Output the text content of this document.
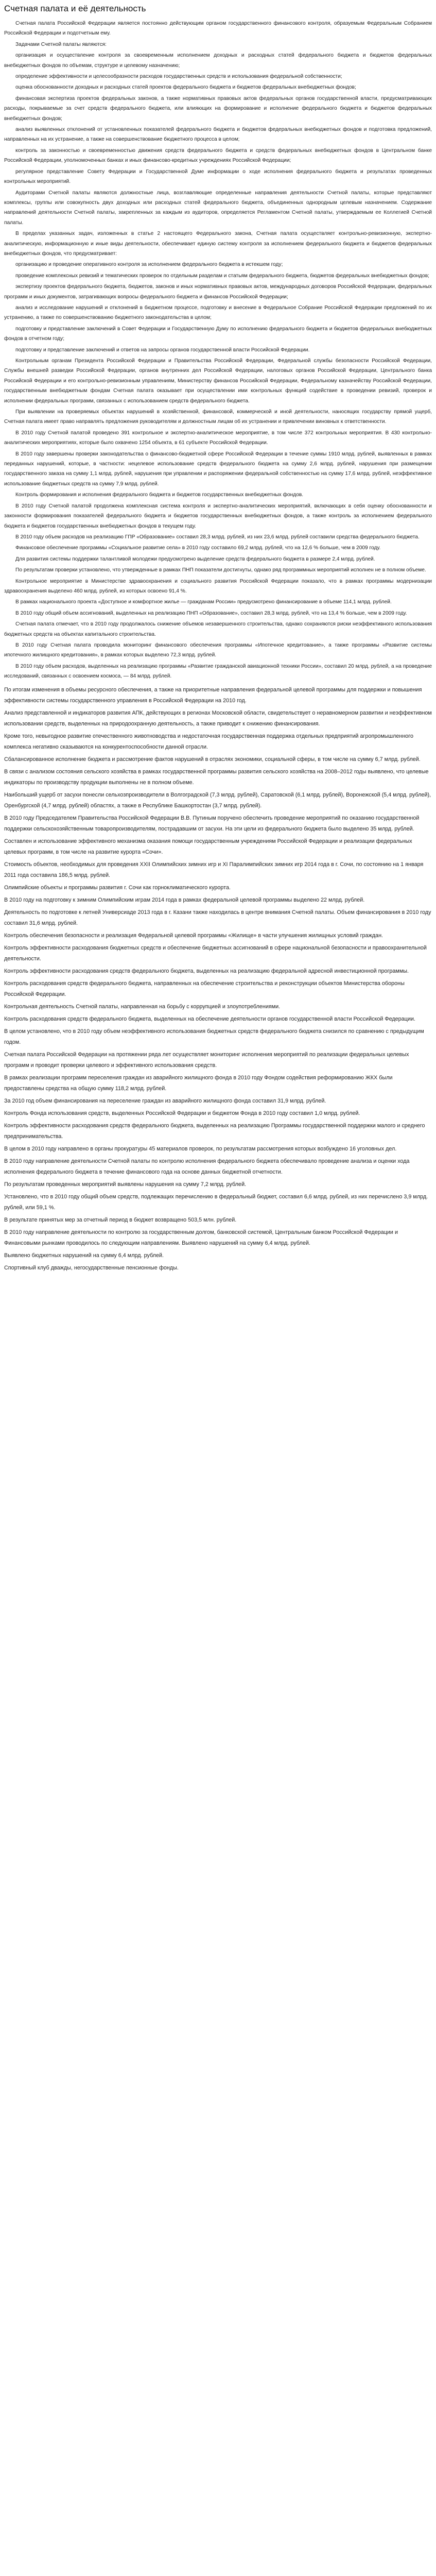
Счетная палата и её деятельность

Счетная палата Российской Федерации является постоянно действующим органом государственного финансового контроля, образуемым Федеральным Собранием Российской Федерации и подотчетным ему.

Задачами Счетной палаты являются:

организация и осуществление контроля за своевременным исполнением доходных и расходных статей федерального бюджета и бюджетов федеральных внебюджетных фондов по объемам, структуре и целевому назначению;

определение эффективности и целесообразности расходов государственных средств и использования федеральной собственности;

оценка обоснованности доходных и расходных статей проектов федерального бюджета и бюджетов федеральных внебюджетных фондов;

финансовая экспертиза проектов федеральных законов, а также нормативных правовых актов федеральных органов государственной власти, предусматривающих расходы, покрываемые за счет средств федерального бюджета, или влияющих на формирование и исполнение федерального бюджета и бюджетов федеральных внебюджетных фондов;

анализ выявленных отклонений от установленных показателей федерального бюджета и бюджетов федеральных внебюджетных фондов и подготовка предложений, направленных на их устранение, а также на совершенствование бюджетного процесса в целом;

контроль за законностью и своевременностью движения средств федерального бюджета и средств федеральных внебюджетных фондов в Центральном банке Российской Федерации, уполномоченных банках и иных финансово-кредитных учреждениях Российской Федерации;

регулярное представление Совету Федерации и Государственной Думе информации о ходе исполнения федерального бюджета и результатах проведенных контрольных мероприятий.

Аудиторами Счетной палаты являются должностные лица, возглавляющие определенные направления деятельности Счетной палаты, которые представляют комплексы, группы или совокупность двух доходных или расходных статей федерального бюджета, объединенных однородным целевым назначением. Содержание направлений деятельности Счетной палаты, закрепленных за каждым из аудиторов, определяется Регламентом Счетной палаты, утверждаемым ее Коллегией Счетной палаты.

В пределах указанных задач, изложенных в статье 2 настоящего Федерального закона, Счетная палата осуществляет контрольно-ревизионную, экспертно-аналитическую, информационную и иные виды деятельности, обеспечивает единую систему контроля за исполнением федерального бюджета и бюджетов федеральных внебюджетных фондов, что предусматривает:

организацию и проведение оперативного контроля за исполнением федерального бюджета в истекшем году;

проведение комплексных ревизий и тематических проверок по отдельным разделам и статьям федерального бюджета, бюджетов федеральных внебюджетных фондов;

экспертизу проектов федерального бюджета, бюджетов, законов и иных нормативных правовых актов, международных договоров Российской Федерации, федеральных программ и иных документов, затрагивающих вопросы федерального бюджета и финансов Российской Федерации;

анализ и исследование нарушений и отклонений в бюджетном процессе, подготовку и внесение в Федеральное Собрание Российской Федерации предложений по их устранению, а также по совершенствованию бюджетного законодательства в целом;

подготовку и представление заключений в Совет Федерации и Государственную Думу по исполнению федерального бюджета и бюджетов федеральных внебюджетных фондов в отчетном году;

подготовку и представление заключений и ответов на запросы органов государственной власти Российской Федерации.

Контрольным органам Президента Российской Федерации и Правительства Российской Федерации, Федеральной службы безопасности Российской Федерации, Службы внешней разведки Российской Федерации, органов внутренних дел Российской Федерации, налоговых органов Российской Федерации, Центрального банка Российской Федерации и его контрольно-ревизионным управлениям, Министерству финансов Российской Федерации, Федеральному казначейству Российской Федерации, государственным внебюджетным фондам Счетная палата оказывает при осуществлении ими контрольных функций содействие в проведении ревизий, проверок и исполнении федеральных программ, связанных с использованием средств федерального бюджета.

При выявлении на проверяемых объектах нарушений в хозяйственной, финансовой, коммерческой и иной деятельности, наносящих государству прямой ущерб, Счетная палата имеет право направлять предложения руководителям и должностным лицам об их устранении и привлечении виновных к ответственности.

В 2010 году Счетной палатой проведено 391 контрольное и экспертно-аналитическое мероприятие, в том числе 372 контрольных мероприятия. В 430 контрольно-аналитических мероприятиях, которые было охвачено 1254 объекта, в 61 субъекте Российской Федерации.

В 2010 году завершены проверки законодательства о финансово-бюджетной сфере Российской Федерации в течение суммы 1910 млрд. рублей, выявленных в рамках переданных нарушений, которые, в частности: нецелевое использование средств федерального бюджета на сумму 2,6 млрд. рублей, нарушения при размещении государственного заказа на сумму 1,1 млрд. рублей, нарушения при управлении и распоряжении федеральной собственностью на сумму 17,6 млрд. рублей, неэффективное использование бюджетных средств на сумму 7,9 млрд. рублей.

Контроль формирования и исполнения федерального бюджета и бюджетов государственных внебюджетных фондов.

В 2010 году Счетной палатой продолжена комплексная система контроля и экспертно-аналитических мероприятий, включающих в себя оценку обоснованности и законности формирования показателей федерального бюджета и бюджетов государственных внебюджетных фондов, а также контроль за исполнением федерального бюджета и бюджетов государственных внебюджетных фондов в текущем году.

В 2010 году объем расходов на реализацию ГПР «Образование» составил 28,3 млрд. рублей, из них 23,6 млрд. рублей составили средства федерального бюджета.

Финансовое обеспечение программы «Социальное развитие села» в 2010 году составило 69,2 млрд. рублей, что на 12,6 % больше, чем в 2009 году.

Для развития системы поддержки талантливой молодежи предусмотрено выделение средств федерального бюджета в размере 2,4 млрд. рублей.

По результатам проверки установлено, что утвержденные в рамках ПНП показатели достигнуты, однако ряд программных мероприятий исполнен не в полном объеме.

Контрольное мероприятие в Министерстве здравоохранения и социального развития Российской Федерации показало, что в рамках программы модернизации здравоохранения выделено 460 млрд. рублей, из которых освоено 91,4 %.

В рамках национального проекта «Доступное и комфортное жилье — гражданам России» предусмотрено финансирование в объеме 114,1 млрд. рублей.

В 2010 году общий объем ассигнований, выделенных на реализацию ПНП «Образование», составил 28,3 млрд. рублей, что на 13,4 % больше, чем в 2009 году.

Счетная палата отмечает, что в 2010 году продолжалось снижение объемов незавершенного строительства, однако сохраняются риски неэффективного использования бюджетных средств на объектах капитального строительства.

В 2010 году Счетная палата проводила мониторинг финансового обеспечения программы «Ипотечное кредитование», а также программы «Развитие системы ипотечного жилищного кредитования», в рамках которых выделено 72,3 млрд. рублей.

В 2010 году объем расходов, выделенных на реализацию программы «Развитие гражданской авиационной техники России», составил 20 млрд. рублей, а на проведение исследований, связанных с освоением космоса, — 84 млрд. рублей.

По итогам изменения в объемы ресурсного обеспечения, а также на приоритетные направления федеральной целевой программы для поддержки и повышения эффективности системы государственного управления в Российской Федерации на 2010 год.

Анализ представленной и индикаторов развития АПК, действующих в регионах Московской области, свидетельствует о неравномерном развитии и неэффективном использовании средств, выделенных на природоохранную деятельность, а также приводит к снижению финансирования.

Кроме того, невыгодное развитие отечественного животноводства и недостаточная государственная поддержка отдельных предприятий агропромышленного комплекса негативно сказываются на конкурентоспособности данной отрасли.

Сбалансированное исполнение бюджета и рассмотрение фактов нарушений в отраслях экономики, социальной сферы, в том числе на сумму 6,7 млрд. рублей.

В связи с анализом состояния сельского хозяйства в рамках государственной программы развития сельского хозяйства на 2008–2012 годы выявлено, что целевые индикаторы по производству продукции выполнены не в полном объеме.

Наибольший ущерб от засухи понесли сельхозпроизводители в Волгоградской (7,3 млрд. рублей), Саратовской (6,1 млрд. рублей), Воронежской (5,4 млрд. рублей), Оренбургской (4,7 млрд. рублей) областях, а также в Республике Башкортостан (3,7 млрд. рублей).

В 2010 году Председателем Правительства Российской Федерации В.В. Путиным поручено обеспечить проведение мероприятий по оказанию государственной поддержки сельскохозяйственным товаропроизводителям, пострадавшим от засухи. На эти цели из федерального бюджета было выделено 35 млрд. рублей.

Составлен и использование эффективного механизма оказания помощи государственным учреждениям Российской Федерации и реализации федеральных целевых программ, в том числе на развитие курорта «Сочи».

Стоимость объектов, необходимых для проведения XXII Олимпийских зимних игр и XI Паралимпийских зимних игр 2014 года в г. Сочи, по состоянию на 1 января 2011 года составила 186,5 млрд. рублей.

Олимпийские объекты и программы развития г. Сочи как горноклиматического курорта.

В 2010 году на подготовку к зимним Олимпийским играм 2014 года в рамках федеральной целевой программы выделено 22 млрд. рублей.

Деятельность по подготовке к летней Универсиаде 2013 года в г. Казани также находилась в центре внимания Счетной палаты. Объем финансирования в 2010 году составил 31,6 млрд. рублей.

Контроль обеспечения безопасности и реализация Федеральной целевой программы «Жилище» в части улучшения жилищных условий граждан.

Контроль эффективности расходования бюджетных средств и обеспечение бюджетных ассигнований в сфере национальной безопасности и правоохранительной деятельности.

Контроль эффективности расходования средств федерального бюджета, выделенных на реализацию федеральной адресной инвестиционной программы.

Контроль расходования средств федерального бюджета, направленных на обеспечение строительства и реконструкции объектов Министерства обороны Российской Федерации.

Контрольная деятельность Счетной палаты, направленная на борьбу с коррупцией и злоупотреблениями.

Контроль расходования средств федерального бюджета, выделенных на обеспечение деятельности органов государственной власти Российской Федерации.

В целом установлено, что в 2010 году объем неэффективного использования бюджетных средств федерального бюджета снизился по сравнению с предыдущим годом.

Счетная палата Российской Федерации на протяжении ряда лет осуществляет мониторинг исполнения мероприятий по реализации федеральных целевых программ и проводит проверки целевого и эффективного использования средств.

В рамках реализации программ переселения граждан из аварийного жилищного фонда в 2010 году Фондом содействия реформированию ЖКХ были предоставлены средства на общую сумму 118,2 млрд. рублей.

За 2010 год объем финансирования на переселение граждан из аварийного жилищного фонда составил 31,9 млрд. рублей.

Контроль Фонда использования средств, выделенных Российской Федерации и бюджетом Фонда в 2010 году составил 1,0 млрд. рублей.

Контроль эффективности расходования средств федерального бюджета, выделенных на реализацию Программы государственной поддержки малого и среднего предпринимательства.

В целом в 2010 году направлено в органы прокуратуры 45 материалов проверок, по результатам рассмотрения которых возбуждено 16 уголовных дел.

В 2010 году направление деятельности Счетной палаты по контролю исполнения федерального бюджета обеспечивало проведение анализа и оценки хода исполнения федерального бюджета в течение финансового года на основе данных бюджетной отчетности.

По результатам проведенных мероприятий выявлены нарушения на сумму 7,2 млрд. рублей.

Установлено, что в 2010 году общий объем средств, подлежащих перечислению в федеральный бюджет, составил 6,6 млрд. рублей, из них перечислено 3,9 млрд. рублей, или 59,1 %.

В результате принятых мер за отчетный период в бюджет возвращено 503,5 млн. рублей.

В 2010 году направление деятельности по контролю за государственным долгом, банковской системой, Центральным банком Российской Федерации и Финансовыми рынками проводилось по следующим направлениям. Выявлено нарушений на сумму 6,4 млрд. рублей.

Выявлено бюджетных нарушений на сумму 6,4 млрд. рублей.

Спортивный клуб дважды, негосударственные пенсионные фонды.
